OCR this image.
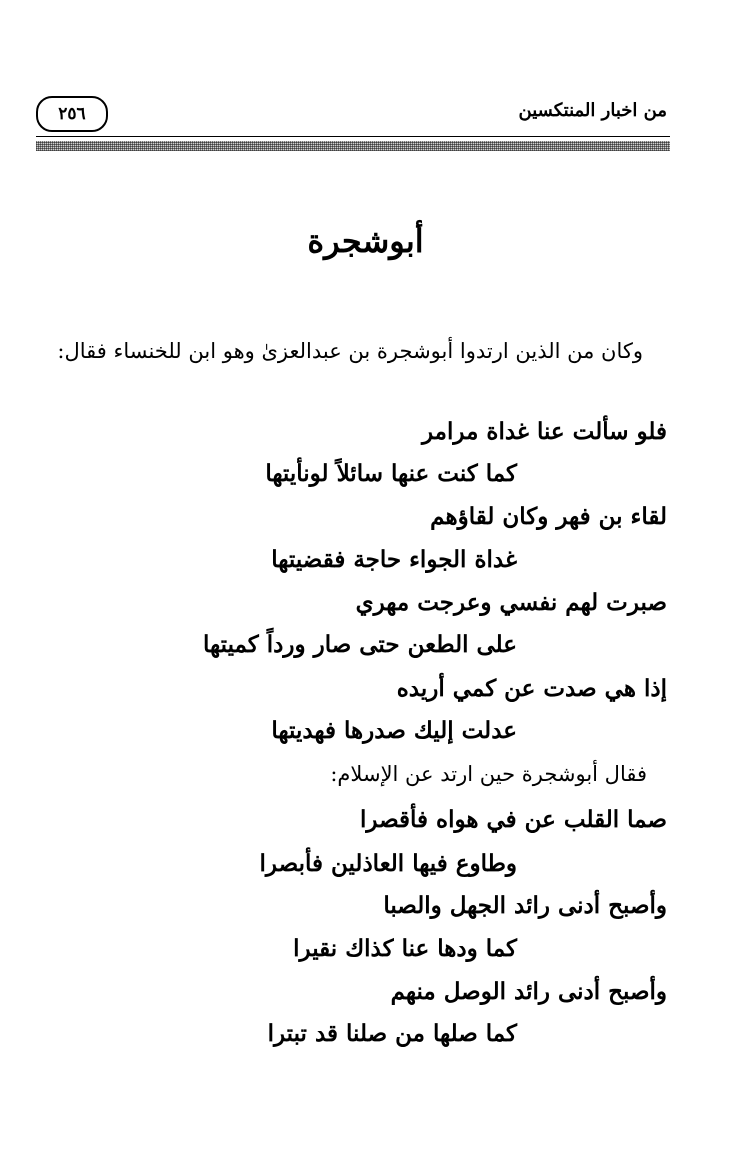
٢٥٦	من اخبار المنتكسين
أبوشجرة
وكان من الذين ارتدوا أبوشجرة بن عبدالعزىٰ وهو ابن للخنساء فقال:
فلو سألت عنا غداة مرامر
كما كنت عنها سائلاً لونأيتها
لقاء بن فهر وكان لقاؤهم
غداة الجواء حاجة فقضيتها
صبرت لهم نفسي وعرجت مهري
على الطعن حتى صار ورداً كميتها
إذا هي صدت عن كمي أريده
عدلت إليك صدرها فهديتها
فقال أبوشجرة حين ارتد عن الإسلام:
صما القلب عن في هواه فأقصرا
وطاوع فيها العاذلين فأبصرا
وأصبح أدنى رائد الجهل والصبا
كما ودها عنا كذاك نقيرا
وأصبح أدنى رائد الوصل منهم
كما صلها من صلنا قد تبترا
